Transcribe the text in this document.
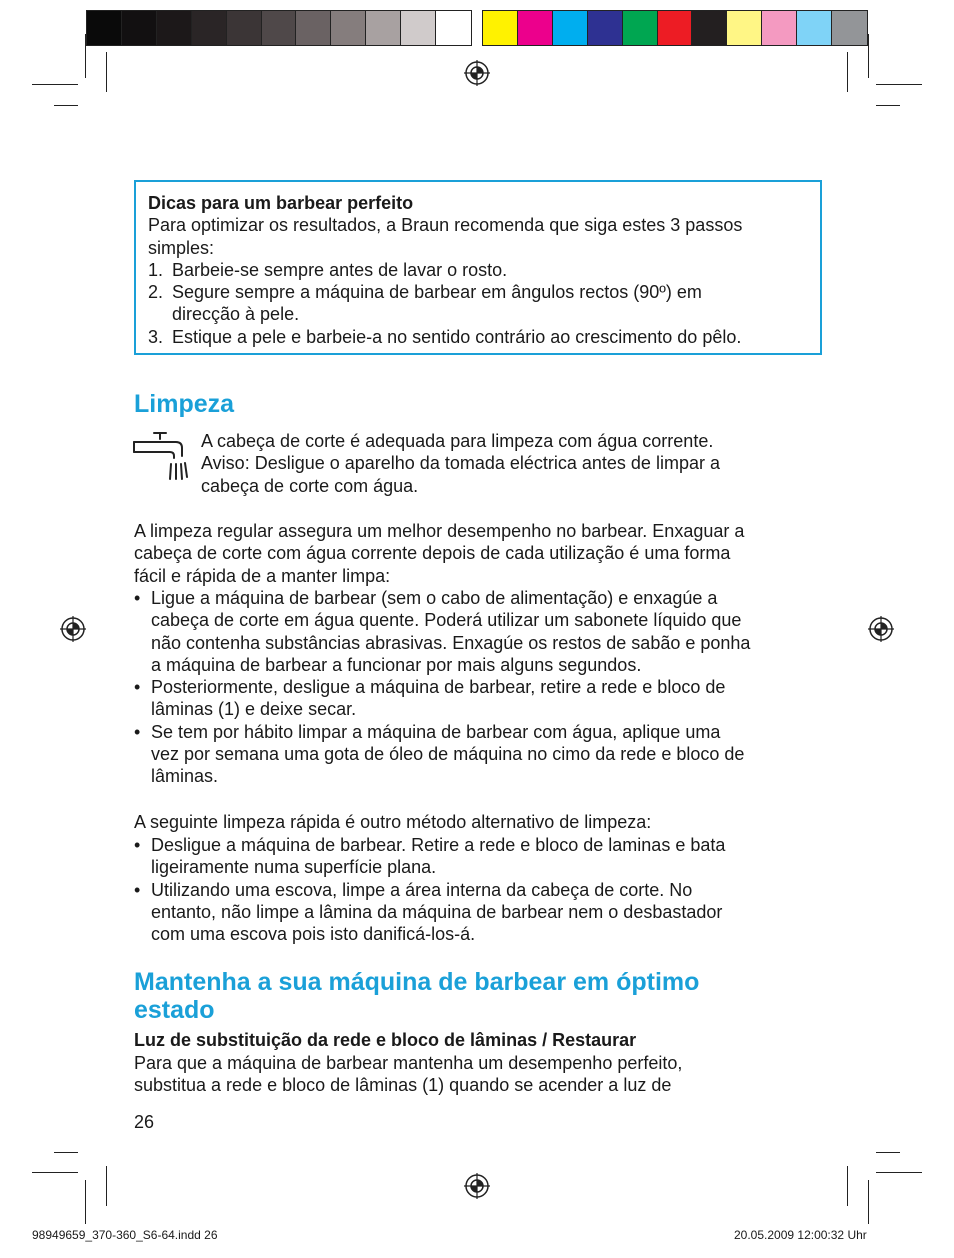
Dicas para um barbear perfeito
Para optimizar os resultados, a Braun recomenda que siga estes 3 passos
simples:
1. Barbeie-se sempre antes de lavar o rosto.
2. Segure sempre a máquina de barbear em ângulos rectos (90º) em
direcção à pele.
3. Estique a pele e barbeie-a no sentido contrário ao crescimento do pêlo.
Limpeza
A cabeça de corte é adequada para limpeza com água corrente.
Aviso: Desligue o aparelho da tomada eléctrica antes de limpar a
cabeça de corte com água.
A limpeza regular assegura um melhor desempenho no barbear. Enxaguar a
cabeça de corte com água corrente depois de cada utilização é uma forma
fácil e rápida de a manter limpa:
• Ligue a máquina de barbear (sem o cabo de alimentação) e enxagúe a
cabeça de corte em água quente. Poderá utilizar um sabonete líquido que
não contenha substâncias abrasivas. Enxagúe os restos de sabão e ponha
a máquina de barbear a funcionar por mais alguns segundos.
• Posteriormente, desligue a máquina de barbear, retire a rede e bloco de
lâminas (1) e deixe secar.
• Se tem por hábito limpar a máquina de barbear com água, aplique uma
vez por semana uma gota de óleo de máquina no cimo da rede e bloco de
lâminas.
A seguinte limpeza rápida é outro método alternativo de limpeza:
• Desligue a máquina de barbear. Retire a rede e bloco de laminas e bata
ligeiramente numa superfície plana.
• Utilizando uma escova, limpe a área interna da cabeça de corte. No
entanto, não limpe a lâmina da máquina de barbear nem o desbastador
com uma escova pois isto danificá-los-á.
Mantenha a sua máquina de barbear em óptimo
estado
Luz de substituição da rede e bloco de lâminas / Restaurar
Para que a máquina de barbear mantenha um desempenho perfeito,
substitua a rede e bloco de lâminas (1) quando se acender a luz de
26
98949659_370-360_S6-64.indd 26	20.05.2009 12:00:32 Uhr
